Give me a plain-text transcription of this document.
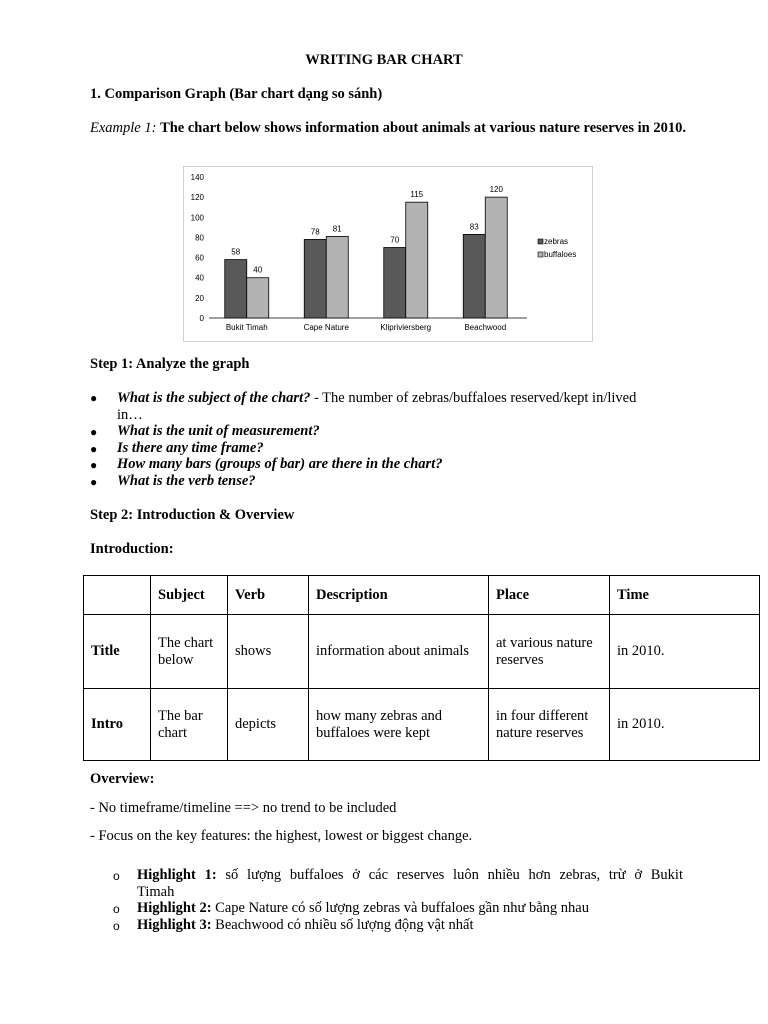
WRITING BAR CHART
1. Comparison Graph (Bar chart dạng so sánh)
Example 1: The chart below shows information about animals at various nature reserves in 2010.
0
20
40
60
80
100
120
140
58
40
Bukit Timah
78 81
Cape Nature
70
115
Klipriviersberg
83
120
Beachwood
zebras
buffaloes
Step 1: Analyze the graph
● What is the subject of the chart? - The number of zebras/buffaloes reserved/kept in/lived
in…
● What is the unit of measurement?
● Is there any time frame?
● How many bars (groups of bar) are there in the chart?
● What is the verb tense?
Step 2: Introduction & Overview
Introduction:
	Subject	Verb	Description	Place	Time
Title	The chart below	shows	information about animals	at various nature reserves	in 2010.
Intro	The bar chart	depicts	how many zebras and buffaloes were kept	in four different nature reserves	in 2010.
Overview:
- No timeframe/timeline ==> no trend to be included
- Focus on the key features: the highest, lowest or biggest change.
o Highlight 1: số lượng buffaloes ở các reserves luôn nhiều hơn zebras, trừ ở Bukit
Timah
o Highlight 2: Cape Nature có số lượng zebras và buffaloes gần như bằng nhau
o Highlight 3: Beachwood có nhiều số lượng động vật nhất
